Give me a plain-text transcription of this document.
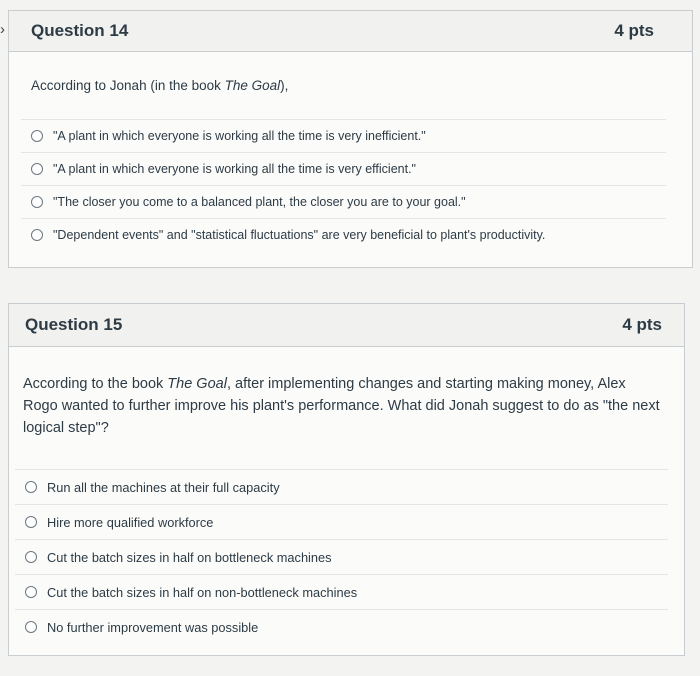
› Question 14	4 pts
According to Jonah (in the book The Goal),
"A plant in which everyone is working all the time is very inefficient."
"A plant in which everyone is working all the time is very efficient."
"The closer you come to a balanced plant, the closer you are to your goal."
"Dependent events" and "statistical fluctuations" are very beneficial to plant's productivity.
Question 15	4 pts
According to the book The Goal, after implementing changes and starting making money, Alex Rogo wanted to further improve his plant's performance. What did Jonah suggest to do as "the next logical step"?
Run all the machines at their full capacity
Hire more qualified workforce
Cut the batch sizes in half on bottleneck machines
Cut the batch sizes in half on non-bottleneck machines
No further improvement was possible
